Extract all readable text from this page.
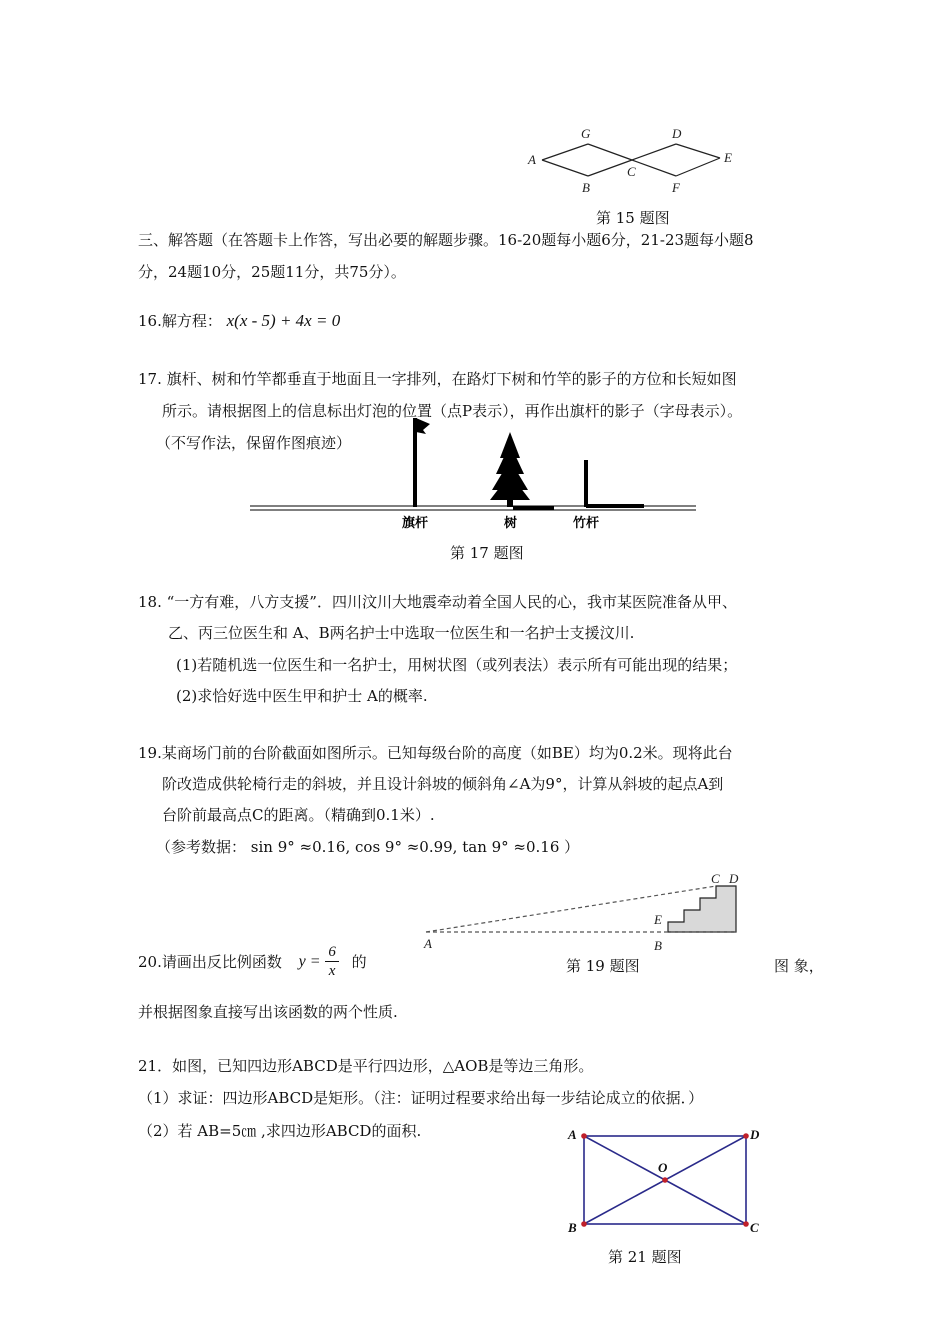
A
G	D
E
B
C
F
第 15 题图
三、解答题（在答题卡上作答，写出必要的解题步骤。16-20题每小题6分，21-23题每小题8
分，24题10分，25题11分，共75分）。
16.解方程： x(x - 5) + 4x = 0
17. 旗杆、树和竹竿都垂直于地面且一字排列，在路灯下树和竹竿的影子的方位和长短如图
所示。请根据图上的信息标出灯泡的位置（点P表示），再作出旗杆的影子（字母表示）。
（不写作法，保留作图痕迹）
旗杆	树	竹杆
第 17 题图
18. “一方有难，八方支援”．四川汶川大地震牵动着全国人民的心，我市某医院准备从甲、
乙、丙三位医生和 A、B两名护士中选取一位医生和一名护士支援汶川.
(1)若随机选一位医生和一名护士，用树状图（或列表法）表示所有可能出现的结果；
(2)求恰好选中医生甲和护士 A的概率.
19.某商场门前的台阶截面如图所示。已知每级台阶的高度（如BE）均为0.2米。现将此台
阶改造成供轮椅行走的斜坡，并且设计斜坡的倾斜角∠A为9°，计算从斜坡的起点A到
台阶前最高点C的距离。（精确到0.1米）.
（参考数据： sin 9° ≈0.16, cos 9° ≈0.99, tan 9° ≈0.16 ）
A	B
E
C D
第 19 题图
20.请画出反比例函数 $y = \frac{6}{x}$ 的	图 象，
并根据图象直接写出该函数的两个性质.
21．如图，已知四边形ABCD是平行四边形，△AOB是等边三角形。
（1）求证：四边形ABCD是矩形。（注：证明过程要求给出每一步结论成立的依据．）
（2）若 AB=5㎝ ,求四边形ABCD的面积.	A	D
B	C
O
第 21 题图
